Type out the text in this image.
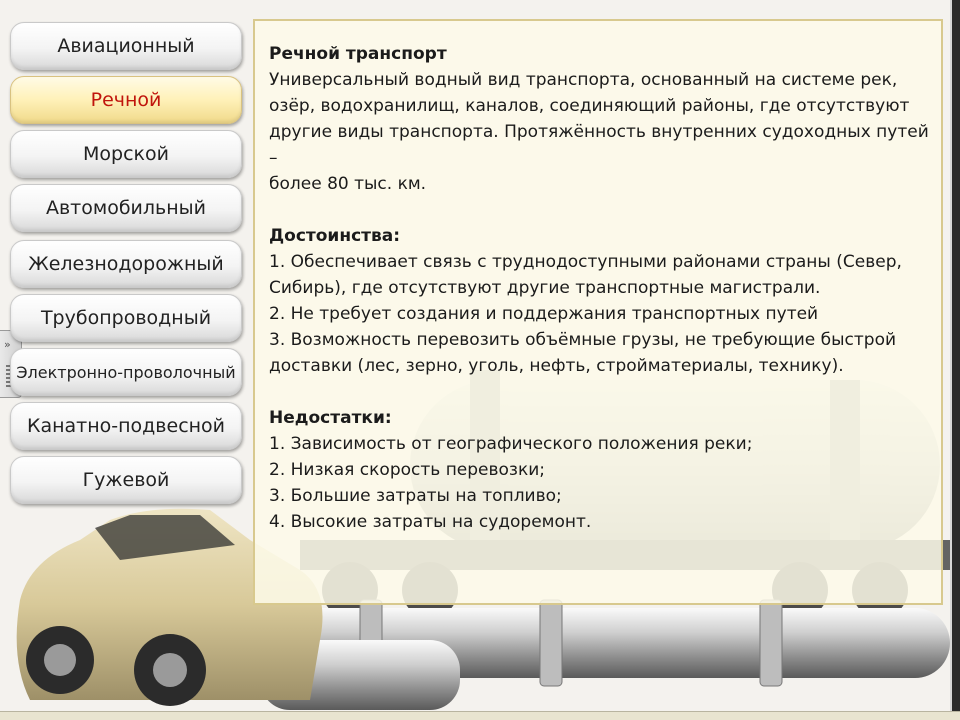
»
Авиационный
Речной
Морской
Автомобильный
Железнодорожный
Трубопроводный
Электронно-проволочный
Канатно-подвесной
Гужевой

Речной транспорт

Универсальный водный вид транспорта, основанный на системе рек,

озёр, водохранилищ, каналов, соединяющий районы, где отсутствуют

другие виды транспорта. Протяжённость внутренних судоходных путей –

более 80 тыс. км.

Достоинства:

1. Обеспечивает связь с труднодоступными районами страны (Север,

Сибирь), где отсутствуют другие транспортные магистрали.

2. Не требует создания и поддержания транспортных путей

3. Возможность перевозить объёмные грузы, не требующие быстрой

доставки (лес, зерно, уголь, нефть, стройматериалы, технику).

Недостатки:

1. Зависимость от географического положения реки;

2. Низкая скорость перевозки;

3. Большие затраты на топливо;

4. Высокие затраты на судоремонт.
